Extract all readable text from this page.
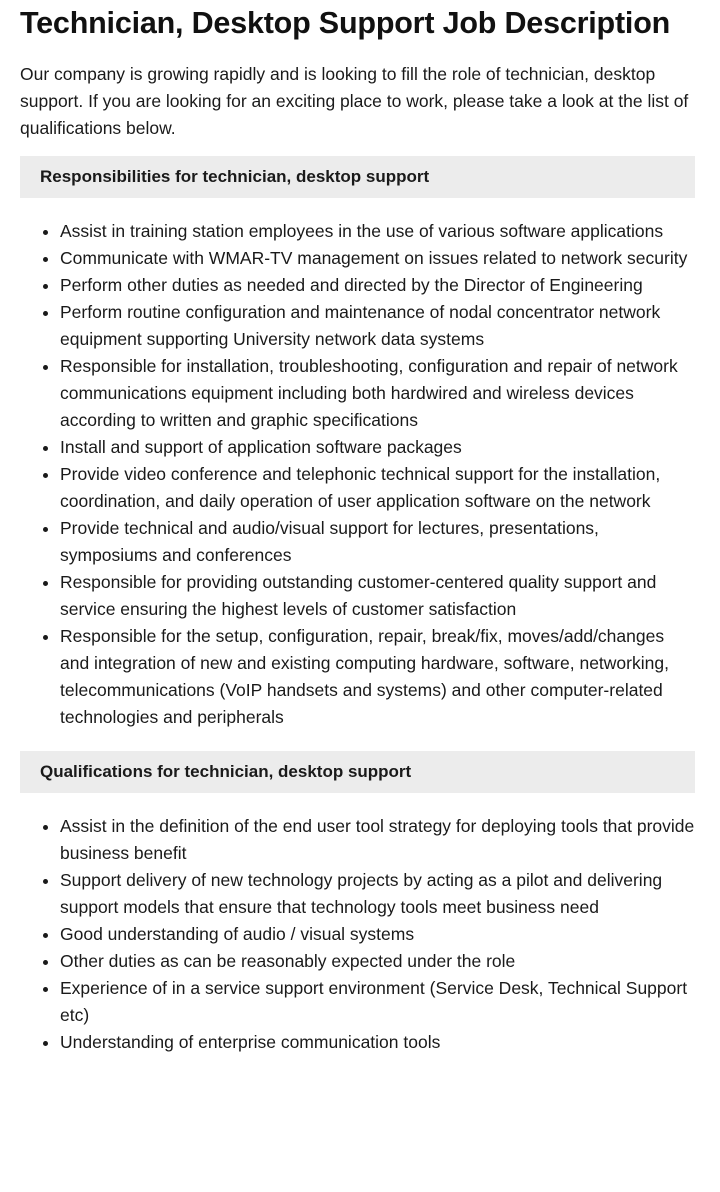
Technician, Desktop Support Job Description

Our company is growing rapidly and is looking to fill the role of technician, desktop support. If you are looking for an exciting place to work, please take a look at the list of qualifications below.

Responsibilities for technician, desktop support
• Assist in training station employees in the use of various software applications
• Communicate with WMAR-TV management on issues related to network security
• Perform other duties as needed and directed by the Director of Engineering
• Perform routine configuration and maintenance of nodal concentrator network equipment supporting University network data systems
• Responsible for installation, troubleshooting, configuration and repair of network communications equipment including both hardwired and wireless devices according to written and graphic specifications
• Install and support of application software packages
• Provide video conference and telephonic technical support for the installation, coordination, and daily operation of user application software on the network
• Provide technical and audio/visual support for lectures, presentations, symposiums and conferences
• Responsible for providing outstanding customer-centered quality support and service ensuring the highest levels of customer satisfaction
• Responsible for the setup, configuration, repair, break/fix, moves/add/changes and integration of new and existing computing hardware, software, networking, telecommunications (VoIP handsets and systems) and other computer-related technologies and peripherals
Qualifications for technician, desktop support
• Assist in the definition of the end user tool strategy for deploying tools that provide business benefit
• Support delivery of new technology projects by acting as a pilot and delivering support models that ensure that technology tools meet business need
• Good understanding of audio / visual systems
• Other duties as can be reasonably expected under the role
• Experience of in a service support environment (Service Desk, Technical Support etc)
• Understanding of enterprise communication tools
